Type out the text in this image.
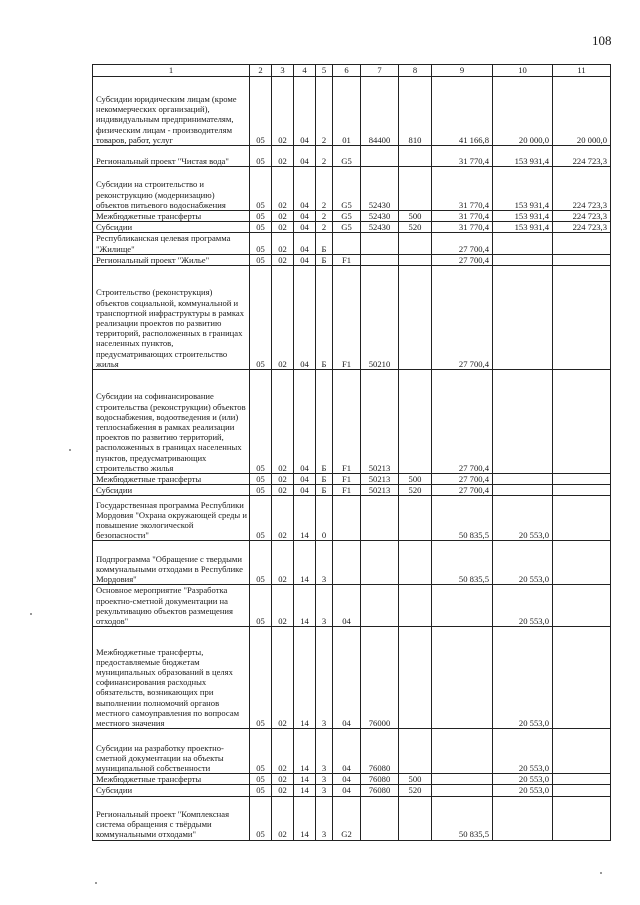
108
1	2	3	4	5	6	7	8	9	10	11
Субсидии юридическим лицам (кроме некоммерческих организаций), индивидуальным предпринимателям, физическим лицам - производителям товаров, работ, услуг	05	02	04	2	01	84400	810	41 166,8	20 000,0	20 000,0
Региональный проект "Чистая вода"	05	02	04	2	G5			31 770,4	153 931,4	224 723,3
Субсидии на строительство и реконструкцию (модернизацию) объектов питьевого водоснабжения	05	02	04	2	G5	52430		31 770,4	153 931,4	224 723,3
Межбюджетные трансферты	05	02	04	2	G5	52430	500	31 770,4	153 931,4	224 723,3
Субсидии	05	02	04	2	G5	52430	520	31 770,4	153 931,4	224 723,3
Республиканская целевая программа "Жилище"	05	02	04	Б				27 700,4		
Региональный проект "Жилье"	05	02	04	Б	F1			27 700,4		
Строительство (реконструкция) объектов социальной, коммунальной и транспортной инфраструктуры в рамках реализации проектов по развитию территорий, расположенных в границах населенных пунктов, предусматривающих строительство жилья	05	02	04	Б	F1	50210		27 700,4		
Субсидии на софинансирование строительства (реконструкции) объектов водоснабжения, водоотведения и (или) теплоснабжения в рамках реализации проектов по развитию территорий, расположенных в границах населенных пунктов, предусматривающих строительство жилья	05	02	04	Б	F1	50213		27 700,4		
Межбюджетные трансферты	05	02	04	Б	F1	50213	500	27 700,4		
Субсидии	05	02	04	Б	F1	50213	520	27 700,4		
Государственная программа Республики Мордовия "Охрана окружающей среды и повышение экологической безопасности"	05	02	14	0				50 835,5	20 553,0	
Подпрограмма "Обращение с твердыми коммунальными отходами в Республике Мордовия"	05	02	14	3				50 835,5	20 553,0	
Основное мероприятие "Разработка проектно-сметной документации на рекультивацию объектов размещения отходов"	05	02	14	3	04				20 553,0	
Межбюджетные трансферты, предоставляемые бюджетам муниципальных образований в целях софинансирования расходных обязательств, возникающих при выполнении полномочий органов местного самоуправления по вопросам местного значения	05	02	14	3	04	76000			20 553,0	
Субсидии на разработку проектно-сметной документации на объекты муниципальной собственности	05	02	14	3	04	76080			20 553,0	
Межбюджетные трансферты	05	02	14	3	04	76080	500		20 553,0	
Субсидии	05	02	14	3	04	76080	520		20 553,0	
Региональный проект "Комплексная система обращения с твёрдыми коммунальными отходами"	05	02	14	3	G2			50 835,5		
